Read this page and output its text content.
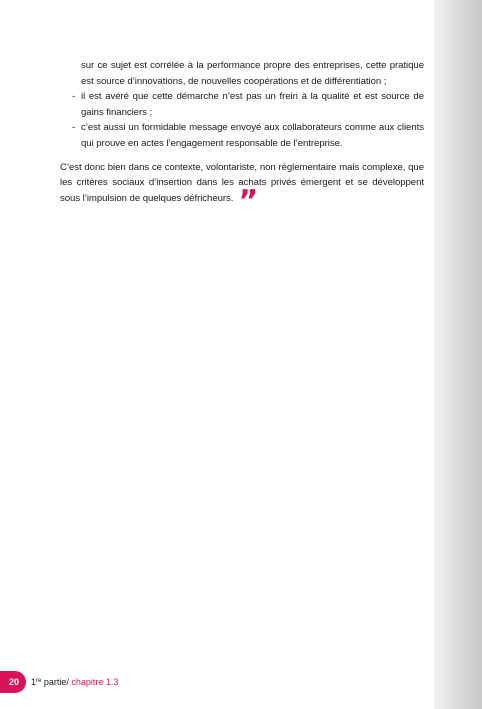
sur ce sujet est corrélée à la performance propre des entreprises, cette pratique est source d’innovations, de nouvelles coopérations et de différentiation ;

- il est avéré que cette démarche n’est pas un frein à la qualité et est source de gains financiers ;
- c’est aussi un formidable message envoyé aux collaborateurs comme aux clients qui prouve en actes l’engagement responsable de l’entreprise.

C’est donc bien dans ce contexte, volontariste, non règlementaire mais complexe, que les critères sociaux d’insertion dans les achats privés émergent et se développent sous l’impulsion de quelques défricheurs. ”

20 1re partie/ chapitre 1.3
